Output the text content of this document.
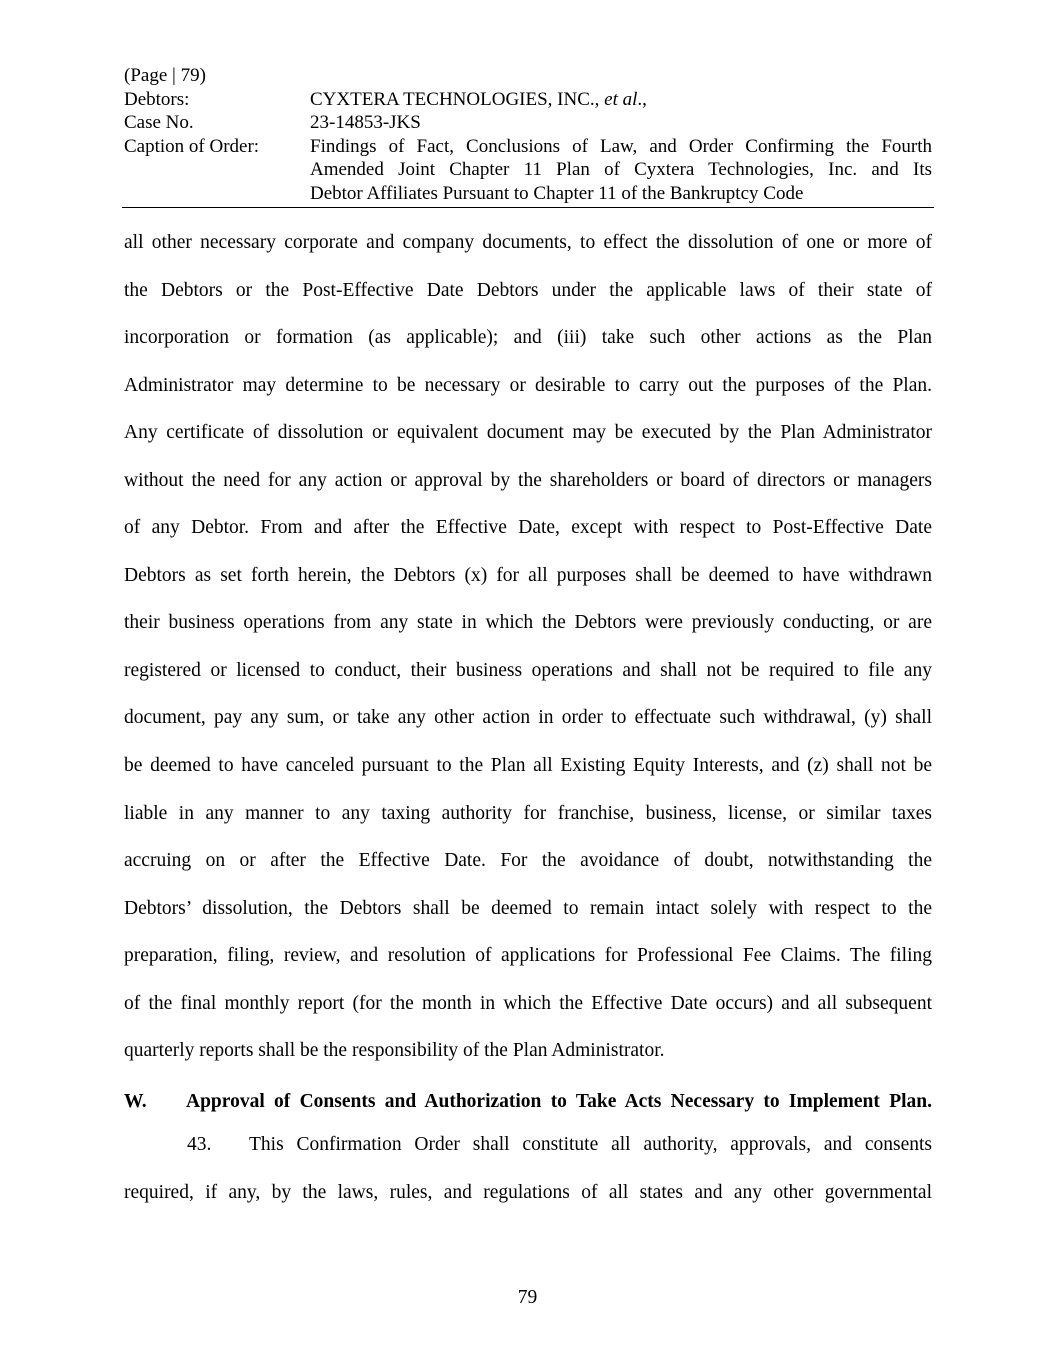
(Page | 79)
Debtors:	CYXTERA TECHNOLOGIES, INC., et al.,
Case No.	23-14853-JKS
Caption of Order:	Findings of Fact, Conclusions of Law, and Order Confirming the Fourth
Amended Joint Chapter 11 Plan of Cyxtera Technologies, Inc. and Its
Debtor Affiliates Pursuant to Chapter 11 of the Bankruptcy Code
all other necessary corporate and company documents, to effect the dissolution of one or more of
the Debtors or the Post-Effective Date Debtors under the applicable laws of their state of
incorporation or formation (as applicable); and (iii) take such other actions as the Plan
Administrator may determine to be necessary or desirable to carry out the purposes of the Plan.
Any certificate of dissolution or equivalent document may be executed by the Plan Administrator
without the need for any action or approval by the shareholders or board of directors or managers
of any Debtor. From and after the Effective Date, except with respect to Post-Effective Date
Debtors as set forth herein, the Debtors (x) for all purposes shall be deemed to have withdrawn
their business operations from any state in which the Debtors were previously conducting, or are
registered or licensed to conduct, their business operations and shall not be required to file any
document, pay any sum, or take any other action in order to effectuate such withdrawal, (y) shall
be deemed to have canceled pursuant to the Plan all Existing Equity Interests, and (z) shall not be
liable in any manner to any taxing authority for franchise, business, license, or similar taxes
accruing on or after the Effective Date. For the avoidance of doubt, notwithstanding the
Debtors’ dissolution, the Debtors shall be deemed to remain intact solely with respect to the
preparation, filing, review, and resolution of applications for Professional Fee Claims. The filing
of the final monthly report (for the month in which the Effective Date occurs) and all subsequent
quarterly reports shall be the responsibility of the Plan Administrator.
W.	Approval of Consents and Authorization to Take Acts Necessary to Implement Plan.
43.	This Confirmation Order shall constitute all authority, approvals, and consents
required, if any, by the laws, rules, and regulations of all states and any other governmental
79
